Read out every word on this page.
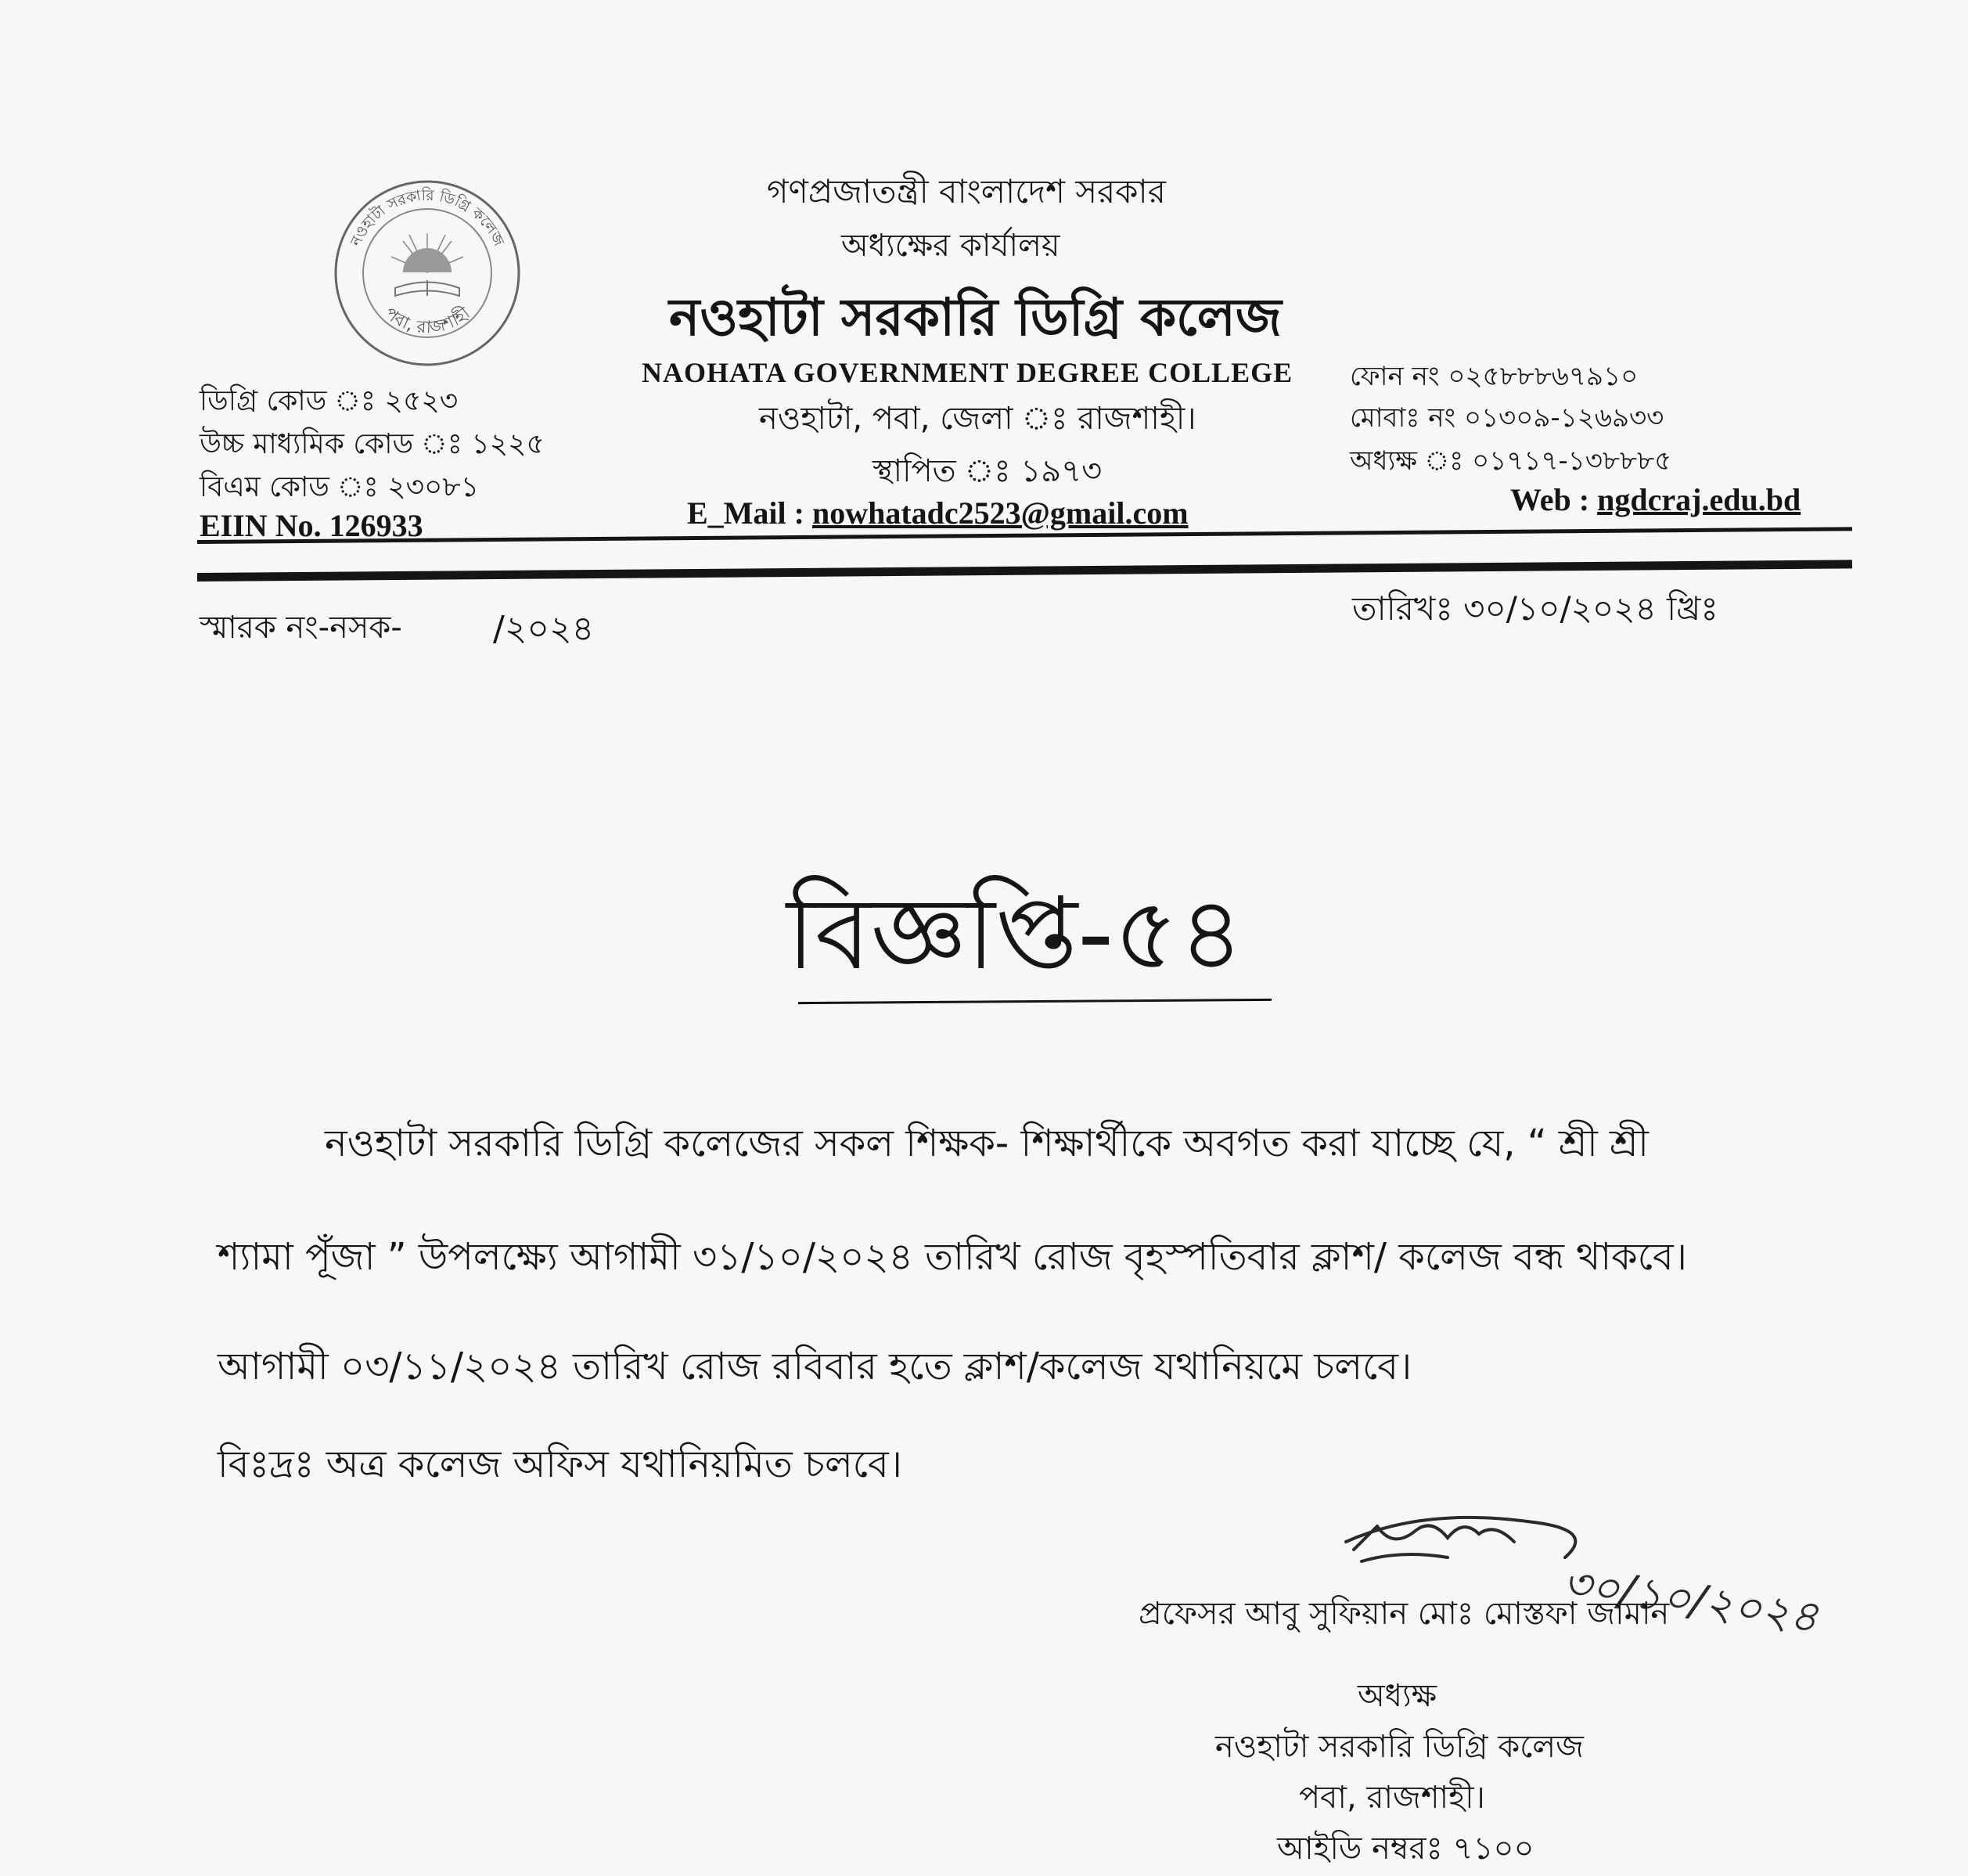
নওহাটা সরকারি ডিগ্রি কলেজ
পবা, রাজশাহী
গণপ্রজাতন্ত্রী বাংলাদেশ সরকার
অধ্যক্ষের কার্যালয়
নওহাটা সরকারি ডিগ্রি কলেজ
NAOHATA GOVERNMENT DEGREE COLLEGE
নওহাটা, পবা, জেলা ঃ রাজশাহী।
স্থাপিত ঃ ১৯৭৩
E_Mail : nowhatadc2523@gmail.com
ডিগ্রি কোড ঃ ২৫২৩
উচ্চ মাধ্যমিক কোড ঃ ১২২৫
বিএম কোড ঃ ২৩০৮১
EIIN No. 126933
ফোন নং ০২৫৮৮৮৬৭৯১০
মোবাঃ নং ০১৩০৯-১২৬৯৩৩
অধ্যক্ষ ঃ ০১৭১৭-১৩৮৮৮৫
Web : ngdcraj.edu.bd
স্মারক নং-নসক-	/২০২৪
তারিখঃ ৩০/১০/২০২৪ খ্রিঃ
বিজ্ঞপ্তি-৫৪
নওহাটা সরকারি ডিগ্রি কলেজের সকল শিক্ষক- শিক্ষার্থীকে অবগত করা যাচ্ছে যে, “ শ্রী শ্রী
শ্যামা পূঁজা ” উপলক্ষ্যে আগামী ৩১/১০/২০২৪ তারিখ রোজ বৃহস্পতিবার ক্লাশ/ কলেজ বন্ধ থাকবে।
আগামী ০৩/১১/২০২৪ তারিখ রোজ রবিবার হতে ক্লাশ/কলেজ যথানিয়মে চলবে।
বিঃদ্রঃ অত্র কলেজ অফিস যথানিয়মিত চলবে।
৩০/১০/২০২৪
প্রফেসর আবু সুফিয়ান মোঃ মোস্তফা জামান
অধ্যক্ষ
নওহাটা সরকারি ডিগ্রি কলেজ
পবা, রাজশাহী।
আইডি নম্বরঃ ৭১০০
